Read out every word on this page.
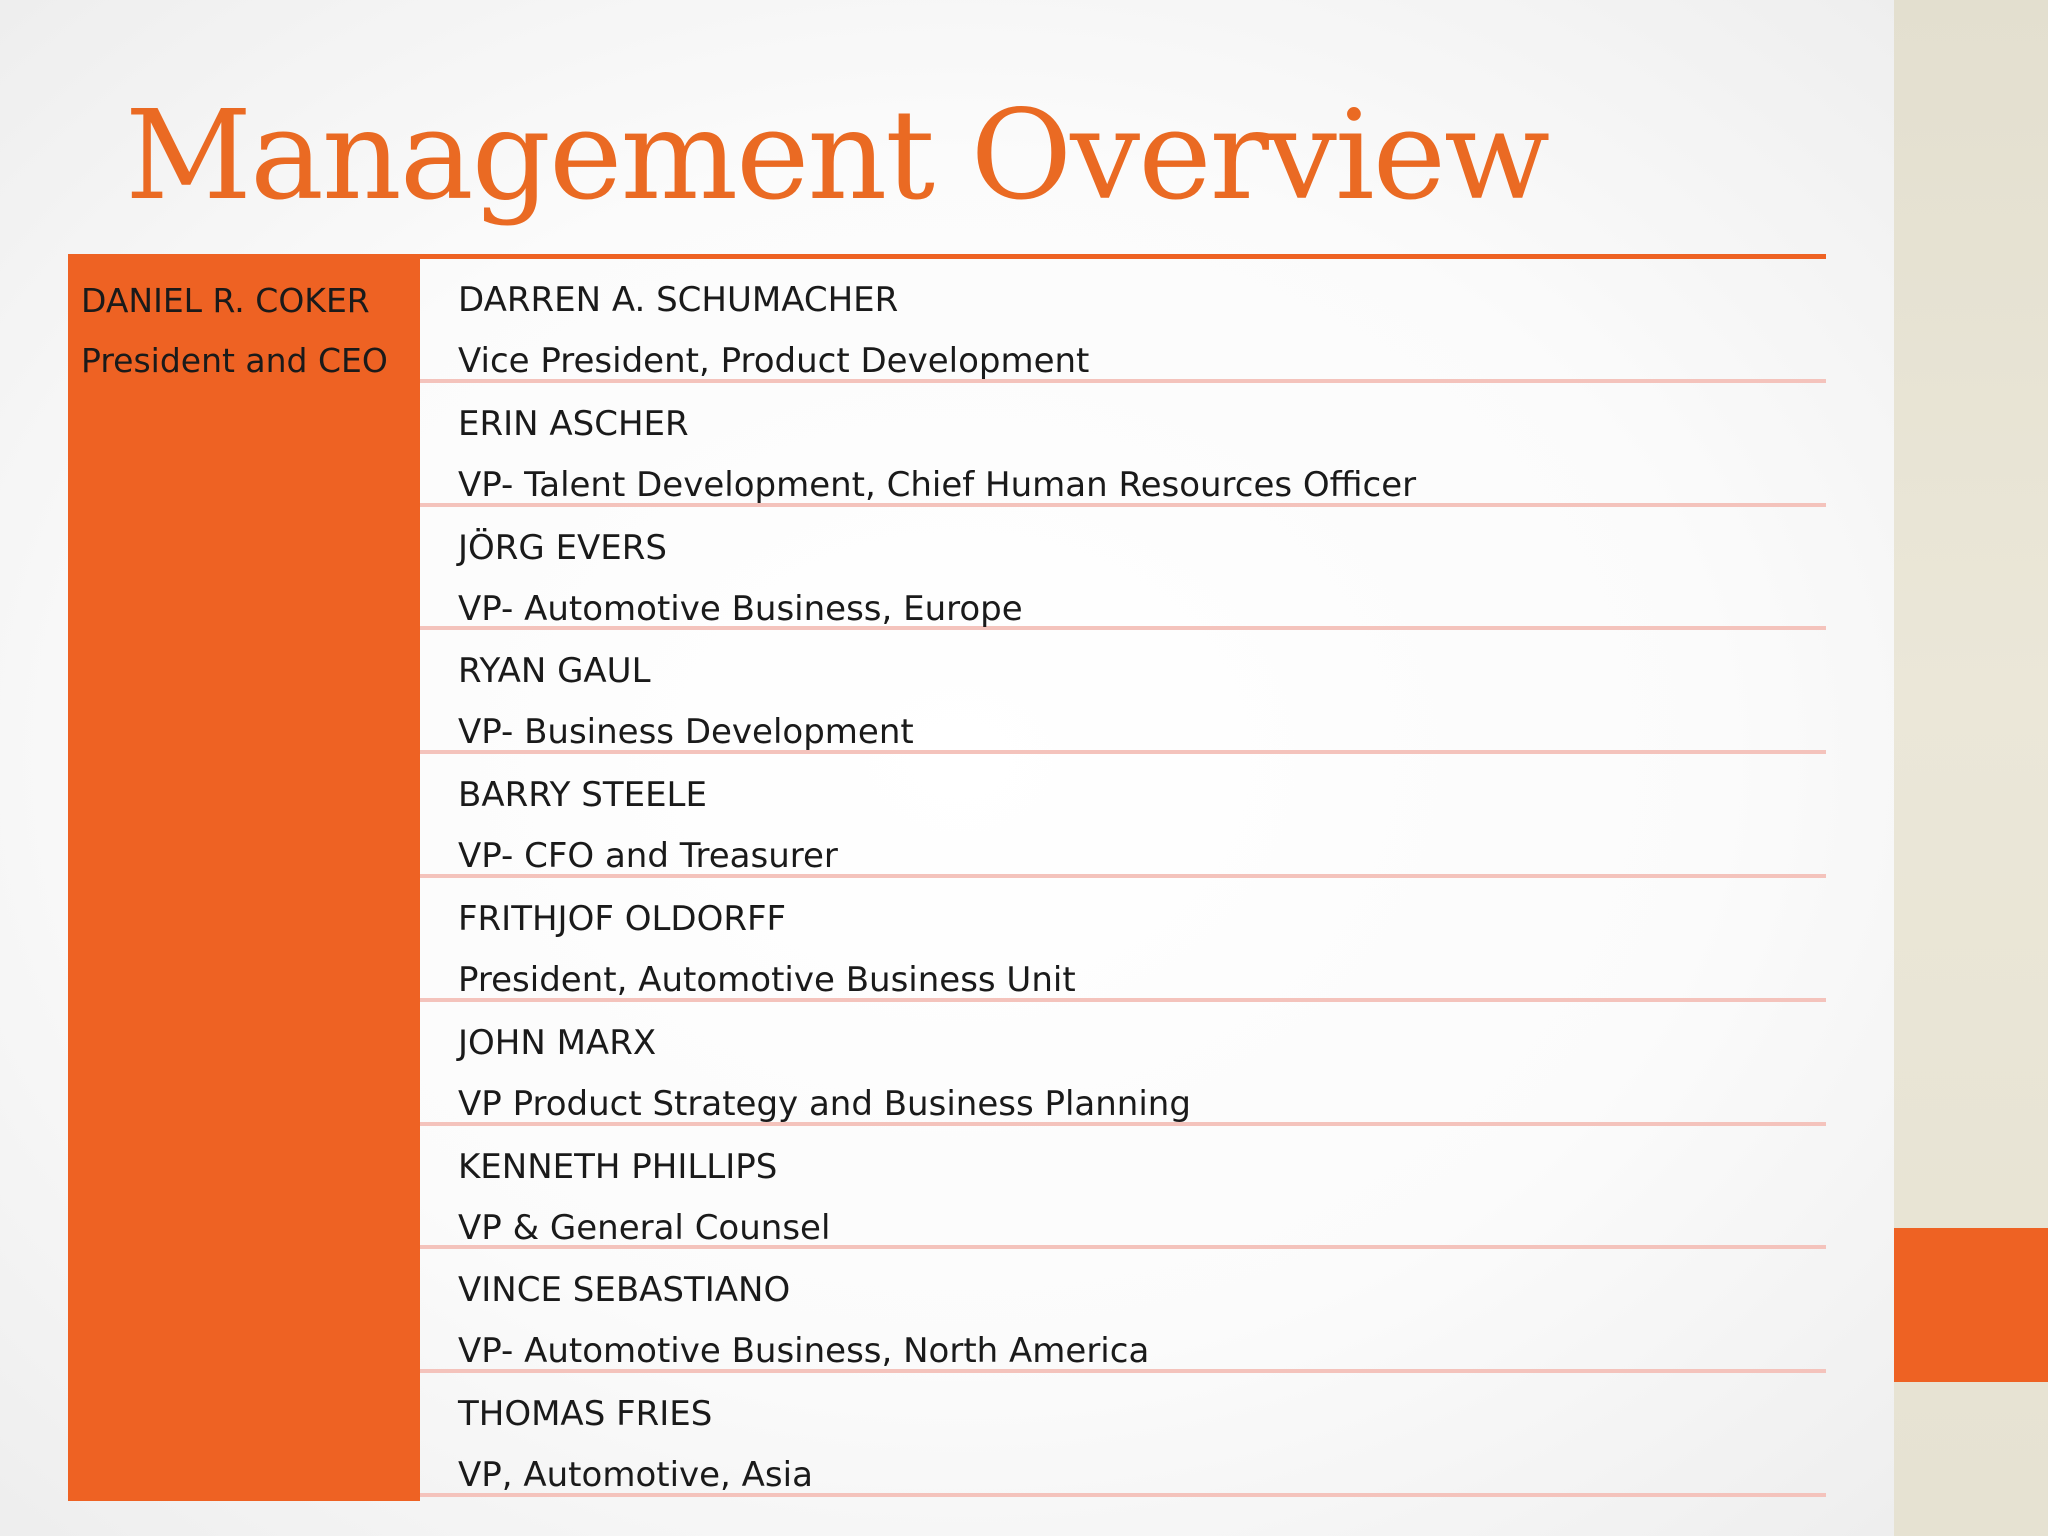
Management Overview
DANIEL R. COKER
President and CEO
DARREN A. SCHUMACHER
Vice President, Product Development
ERIN ASCHER
VP- Talent Development, Chief Human Resources Officer
JÖRG EVERS
VP- Automotive Business, Europe
RYAN GAUL
VP- Business Development
BARRY STEELE
VP- CFO and Treasurer
FRITHJOF OLDORFF
President, Automotive Business Unit
JOHN MARX
VP Product Strategy and Business Planning
KENNETH PHILLIPS
VP & General Counsel
VINCE SEBASTIANO
VP- Automotive Business, North America
THOMAS FRIES
VP, Automotive, Asia
